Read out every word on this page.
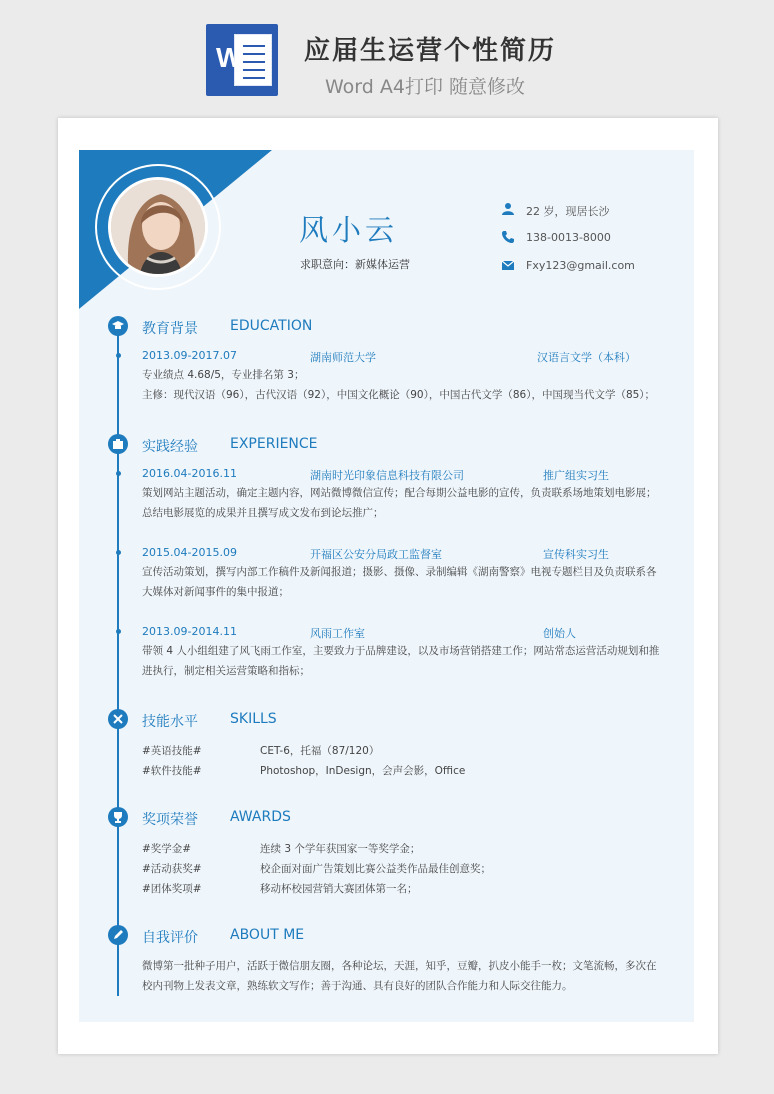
W 应届生运营个性简历
Word A4打印 随意修改
风小云
求职意向：新媒体运营
22 岁，现居长沙
138-0013-8000
Fxy123@gmail.com
教育背景 EDUCATION
2013.09-2017.07	湖南师范大学	汉语言文学（本科）
专业绩点 4.68/5，专业排名第 3；
主修：现代汉语（96），古代汉语（92），中国文化概论（90），中国古代文学（86），中国现当代文学（85）；
实践经验 EXPERIENCE
2016.04-2016.11	湖南时光印象信息科技有限公司	推广组实习生
策划网站主题活动，确定主题内容，网站微博微信宣传；配合每期公益电影的宣传，负责联系场地策划电影展；总结电影展览的成果并且撰写成文发布到论坛推广；
2015.04-2015.09	开福区公安分局政工监督室	宣传科实习生
宣传活动策划，撰写内部工作稿件及新闻报道；摄影、摄像、录制编辑《湖南警察》电视专题栏目及负责联系各大媒体对新闻事件的集中报道；
2013.09-2014.11	风雨工作室	创始人
带领 4 人小组组建了风飞雨工作室，主要致力于品牌建设，以及市场营销搭建工作；网站常态运营活动规划和推进执行，制定相关运营策略和指标；
技能水平 SKILLS
#英语技能#	CET-6，托福（87/120）
#软件技能#	Photoshop，InDesign，会声会影，Office
奖项荣誉 AWARDS
#奖学金#	连续 3 个学年获国家一等奖学金；
#活动获奖#	校企面对面广告策划比赛公益类作品最佳创意奖；
#团体奖项#	移动杯校园营销大赛团体第一名；
自我评价 ABOUT ME
微博第一批种子用户，活跃于微信朋友圈，各种论坛，天涯，知乎，豆瓣，扒皮小能手一枚；文笔流畅，多次在校内刊物上发表文章，熟练软文写作；善于沟通、具有良好的团队合作能力和人际交往能力。
